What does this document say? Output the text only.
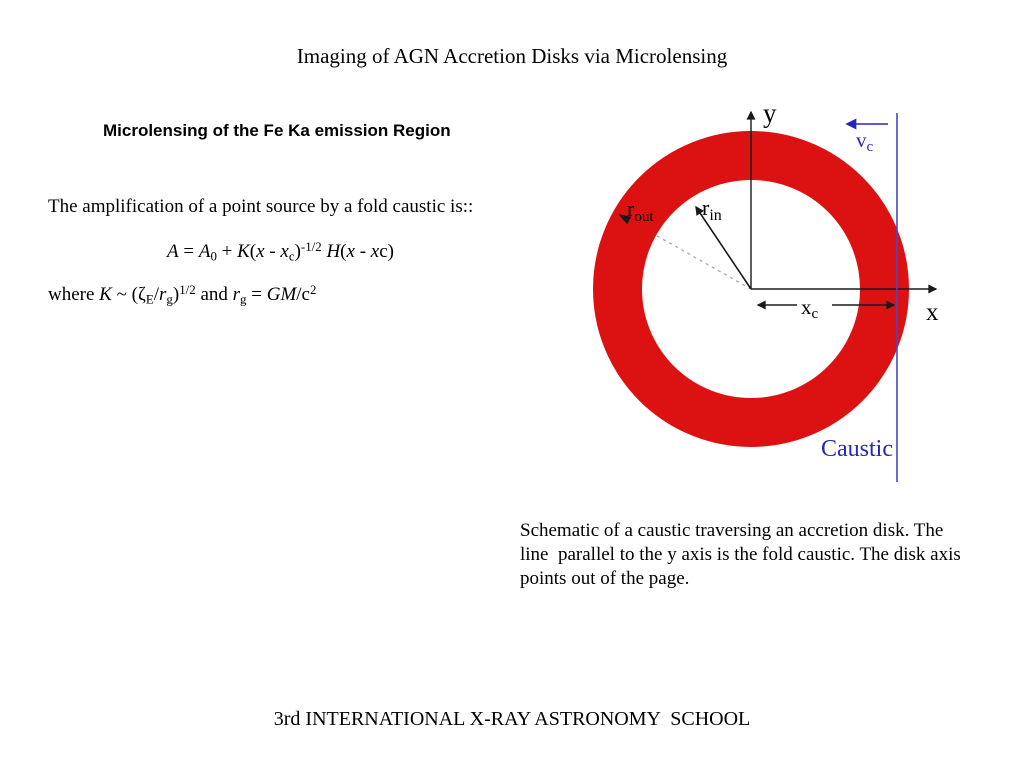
Imaging of AGN Accretion Disks via Microlensing
Microlensing of the Fe Ka emission Region
The amplification of a point source by a fold caustic is::
$A = A_0 + K(x - x_c)^{-1/2}$ H(x - xc)
where K ~ $(\zeta_E/r_g)^{1/2}$ and $r_g = GM/c^2$
y
x
$r_{in}$
$r_{out}$
vc
xc
Caustic
Schematic of a caustic traversing an accretion disk. The
line  parallel to the y axis is the fold caustic. The disk axis
points out of the page.
3rd INTERNATIONAL X-RAY ASTRONOMY  SCHOOL
